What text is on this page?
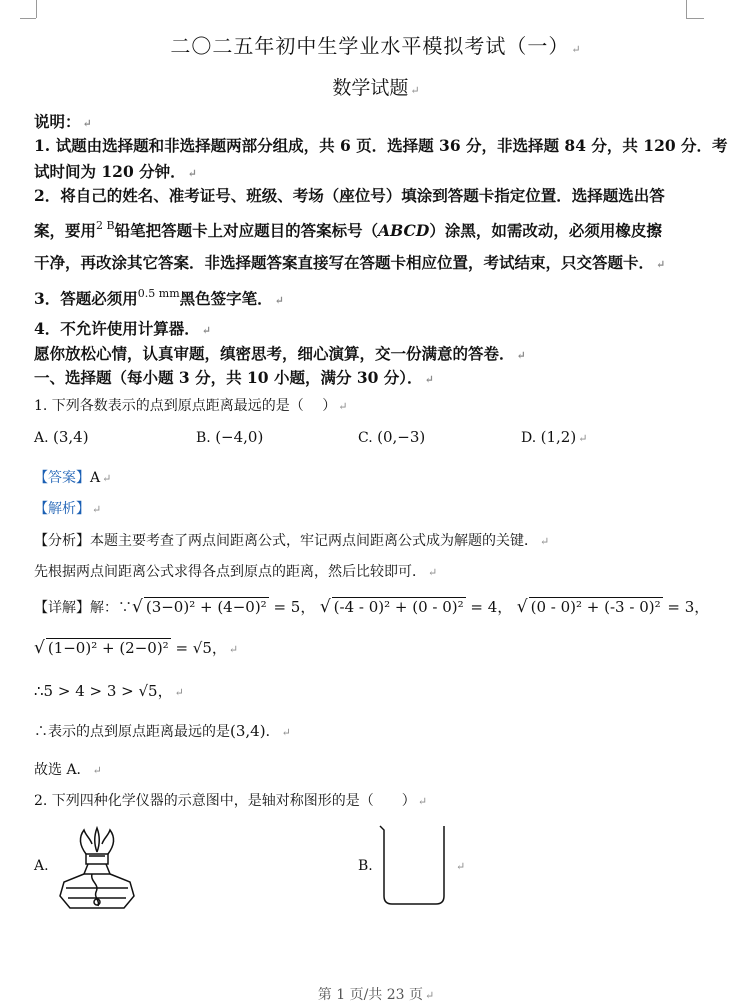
二〇二五年初中生学业水平模拟考试（一） ↵
数学试题 ↵
说明： ↵
1. 试题由选择题和非选择题两部分组成，共 6 页．选择题 36 分，非选择题 84 分，共 120 分．考
试时间为 120 分钟． ↵
2．将自己的姓名、准考证号、班级、考场（座位号）填涂到答题卡指定位置．选择题选出答
案，要用$^{2 B}$铅笔把答题卡上对应题目的答案标号（ABCD）涂黑，如需改动，必须用橡皮擦
干净，再改涂其它答案．非选择题答案直接写在答题卡相应位置，考试结束，只交答题卡． ↵
3．答题必须用$^{0.5 mm}$黑色签字笔． ↵
4．不允许使用计算器． ↵
愿你放松心情，认真审题，缜密思考，细心演算，交一份满意的答卷． ↵
一、选择题（每小题 3 分，共 10 小题，满分 30 分）． ↵
1. 下列各数表示的点到原点距离最远的是（　 ） ↵
A. (3,4)	B. (−4,0)	C. (0,−3)	D. (1,2) ↵
【答案】A ↵
【解析】 ↵
【分析】本题主要考查了两点间距离公式，牢记两点间距离公式成为解题的关键． ↵
先根据两点间距离公式求得各点到原点的距离，然后比较即可． ↵
【详解】解：∵√ (3−0)² + (4−0)² = 5， √ (-4 - 0)² + (0 - 0)² = 4， √ (0 - 0)² + (-3 - 0)² = 3，
√ (1−0)² + (2−0)² = √5， ↵
∴5 > 4 > 3 > √5， ↵
∴表示的点到原点距离最远的是(3,4)． ↵
故选 A． ↵
2. 下列四种化学仪器的示意图中，是轴对称图形的是（　　） ↵
A.	B.	↵
第 1 页/共 23 页 ↵
